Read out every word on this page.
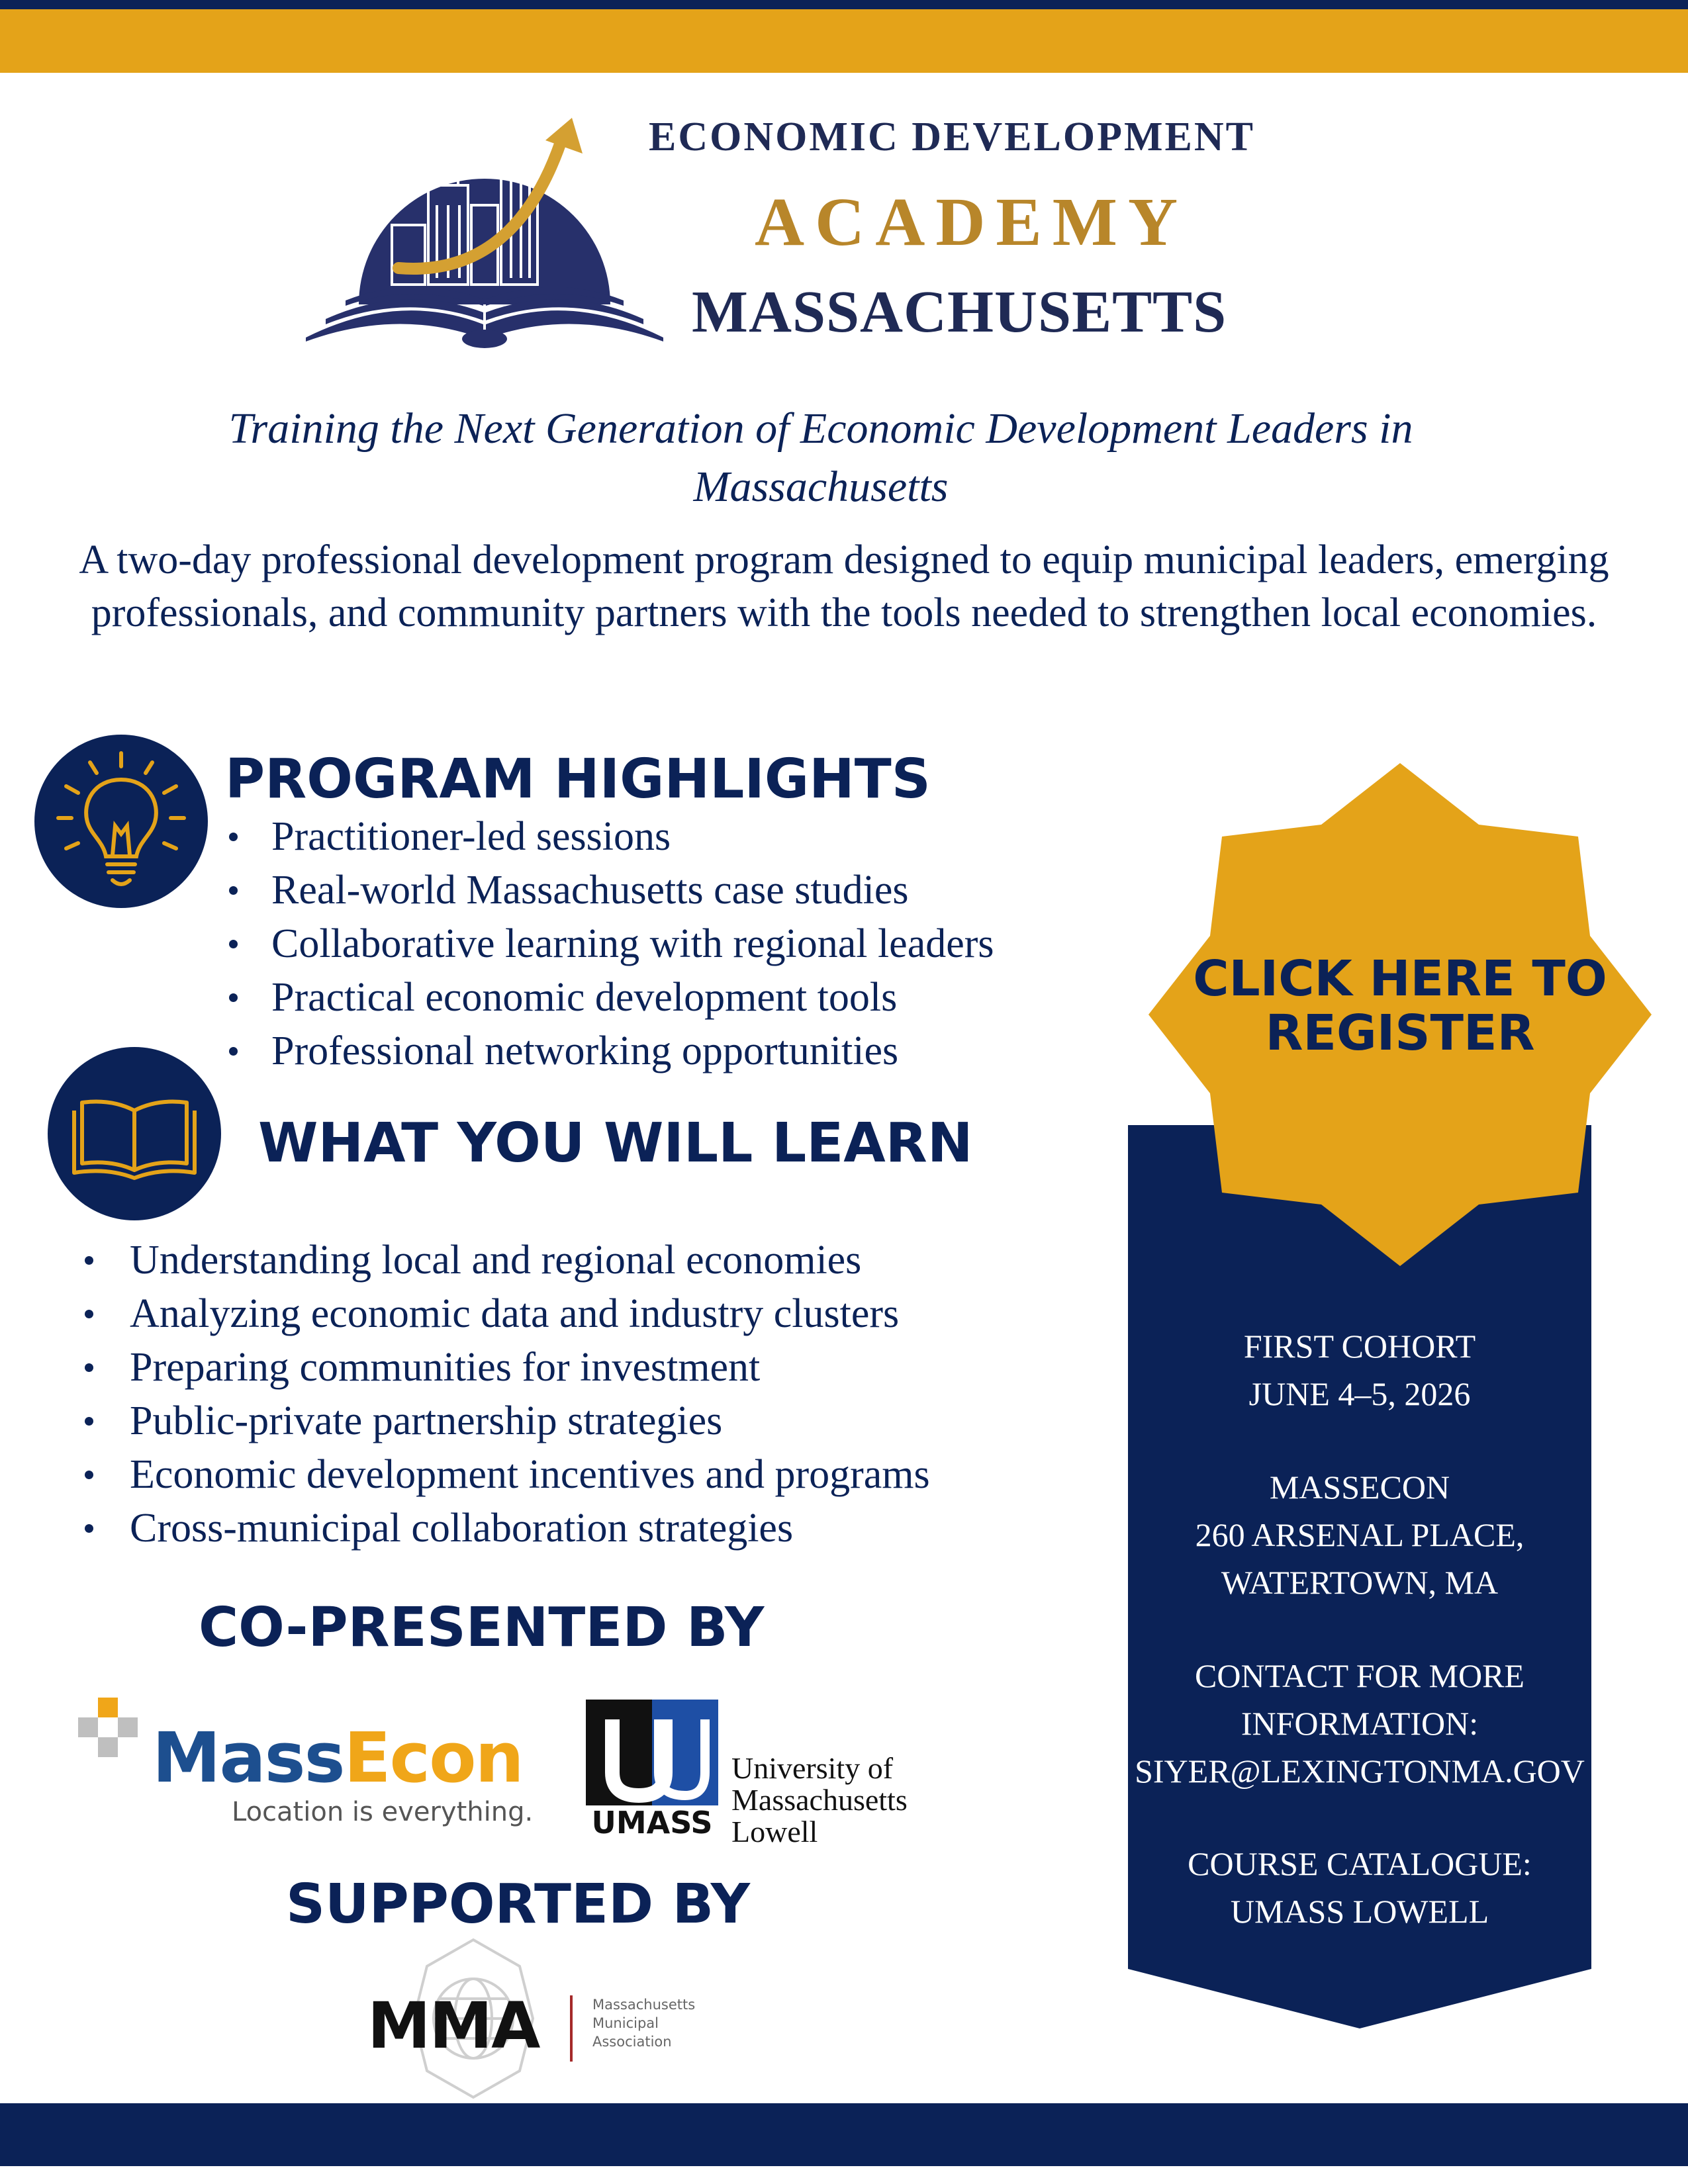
ECONOMIC DEVELOPMENT
ACADEMY
MASSACHUSETTS
Training the Next Generation of Economic Development Leaders in Massachusetts
A two-day professional development program designed to equip municipal leaders, emerging professionals, and community partners with the tools needed to strengthen local economies.
PROGRAM HIGHLIGHTS
Practitioner-led sessions
Real-world Massachusetts case studies
Collaborative learning with regional leaders
Practical economic development tools
Professional networking opportunities
WHAT YOU WILL LEARN
Understanding local and regional economies
Analyzing economic data and industry clusters
Preparing communities for investment
Public-private partnership strategies
Economic development incentives and programs
Cross-municipal collaboration strategies
CLICK HERE TO REGISTER
FIRST COHORT
JUNE 4–5, 2026
MASSECON
260 ARSENAL PLACE,
WATERTOWN, MA
CONTACT FOR MORE
INFORMATION:
SIYER@LEXINGTONMA.GOV
COURSE CATALOGUE:
UMASS LOWELL
CO-PRESENTED BY
MassEcon
Location is everything. UMASS
University of
Massachusetts
Lowell
SUPPORTED BY
MMA	Massachusetts
Municipal
Association
